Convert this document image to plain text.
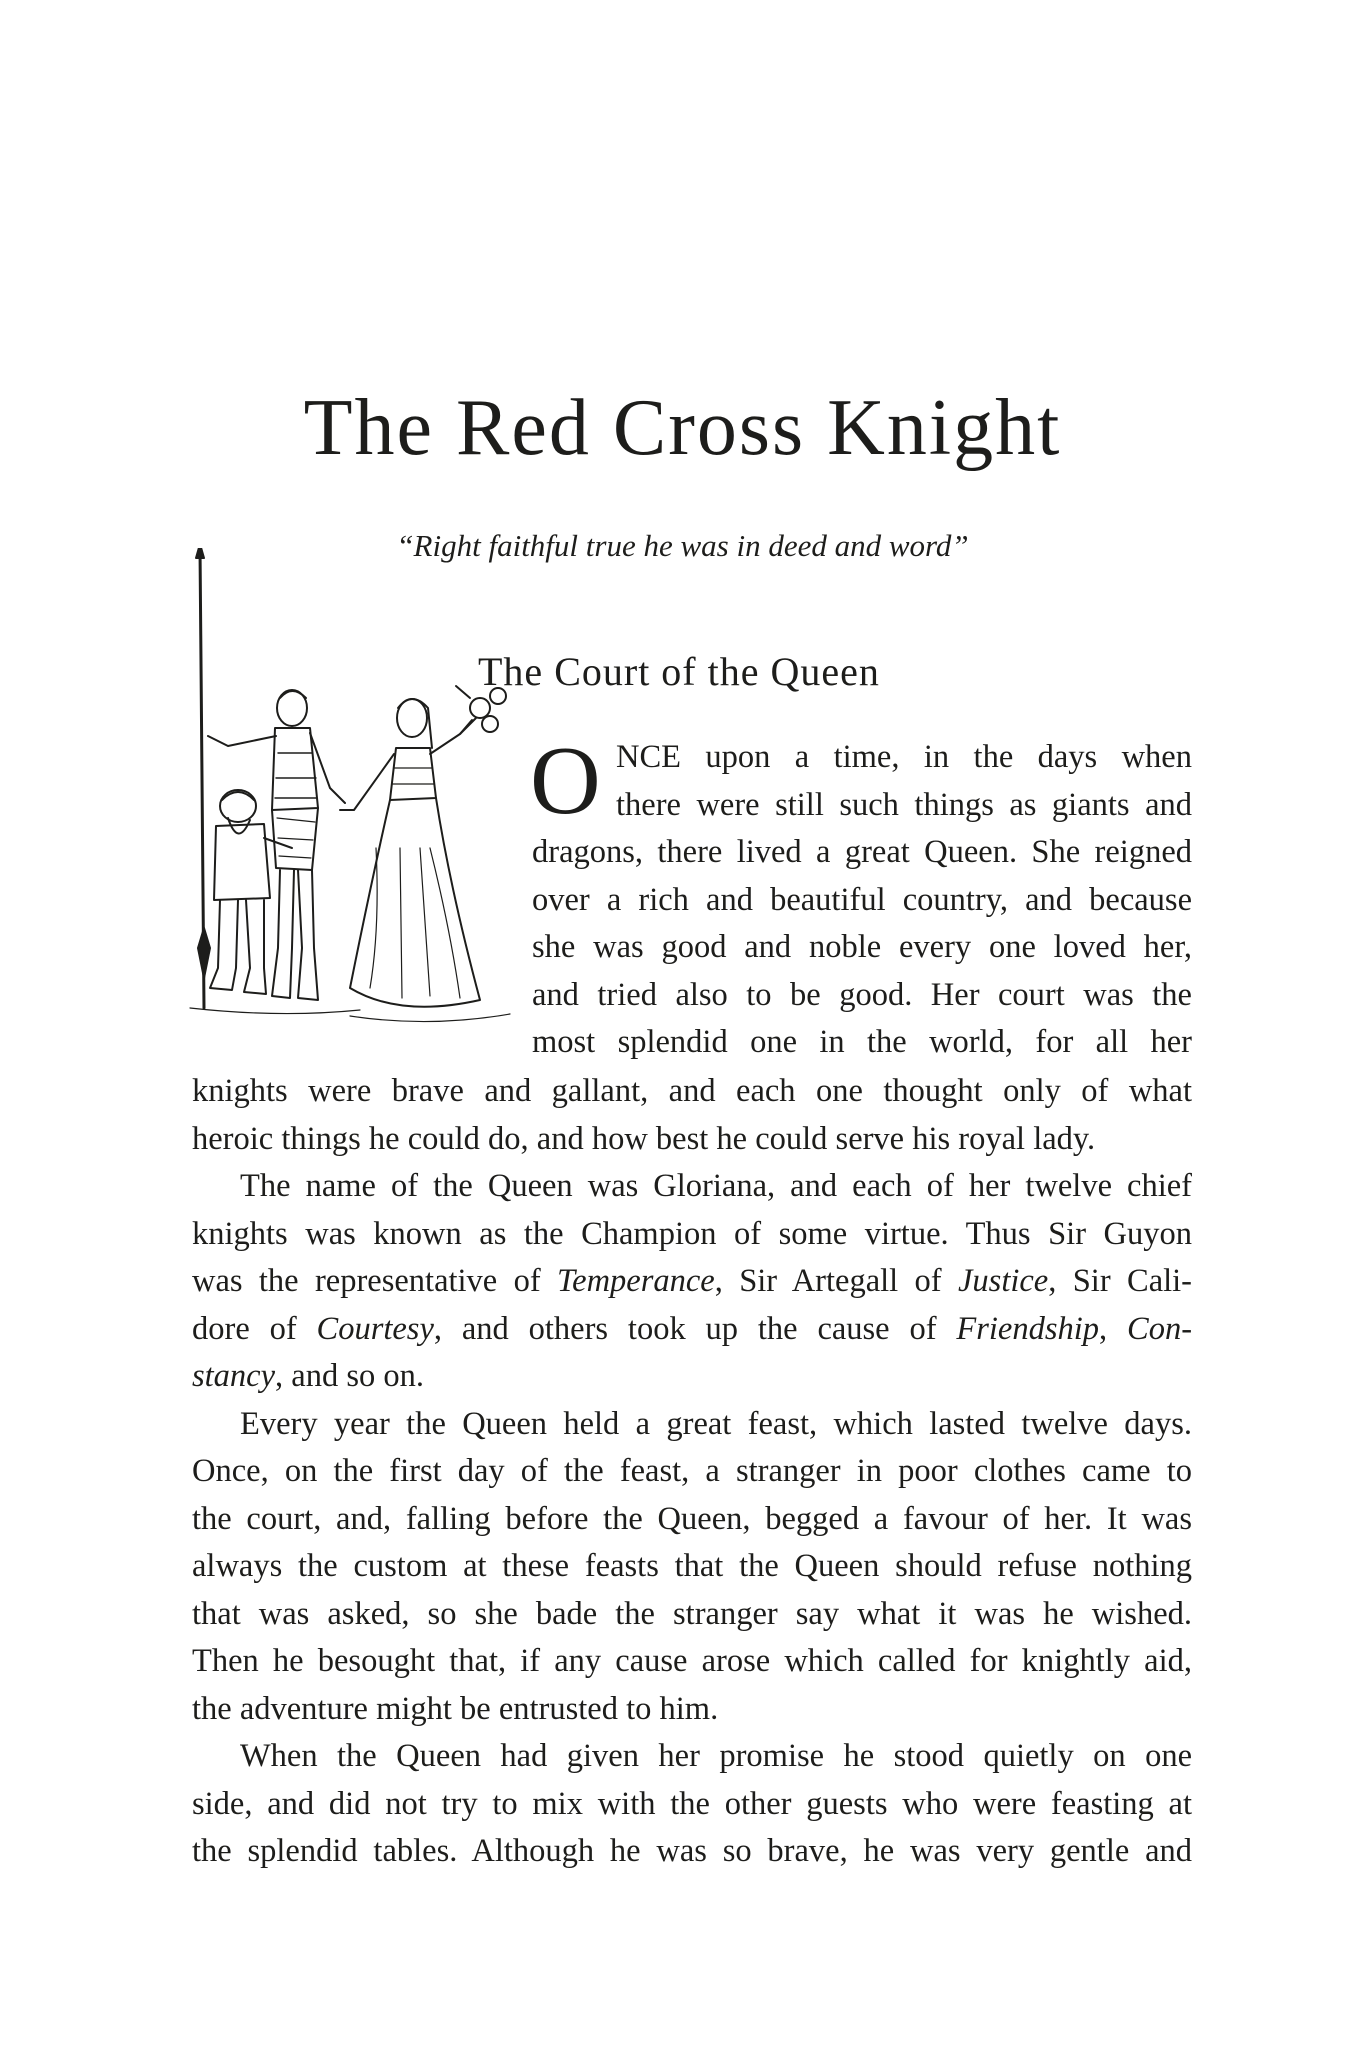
The Red Cross Knight

“Right faithful true he was in deed and word”

The Court of the Queen
O NCE upon a time, in the days when
there were still such things as giants and
dragons, there lived a great Queen. She reigned
over a rich and beautiful country, and because
she was good and noble every one loved her,
and tried also to be good. Her court was the
most splendid one in the world, for all her

knights were brave and gallant, and each one thought only of what
heroic things he could do, and how best he could serve his royal lady.

The name of the Queen was Gloriana, and each of her twelve chief
knights was known as the Champion of some virtue. Thus Sir Guyon
was the representative of Temperance, Sir Artegall of Justice, Sir Cali-
dore of Courtesy, and others took up the cause of Friendship, Con-
stancy, and so on.

Every year the Queen held a great feast, which lasted twelve days.
Once, on the first day of the feast, a stranger in poor clothes came to
the court, and, falling before the Queen, begged a favour of her. It was
always the custom at these feasts that the Queen should refuse nothing
that was asked, so she bade the stranger say what it was he wished.
Then he besought that, if any cause arose which called for knightly aid,
the adventure might be entrusted to him.

When the Queen had given her promise he stood quietly on one
side, and did not try to mix with the other guests who were feasting at
the splendid tables. Although he was so brave, he was very gentle and
